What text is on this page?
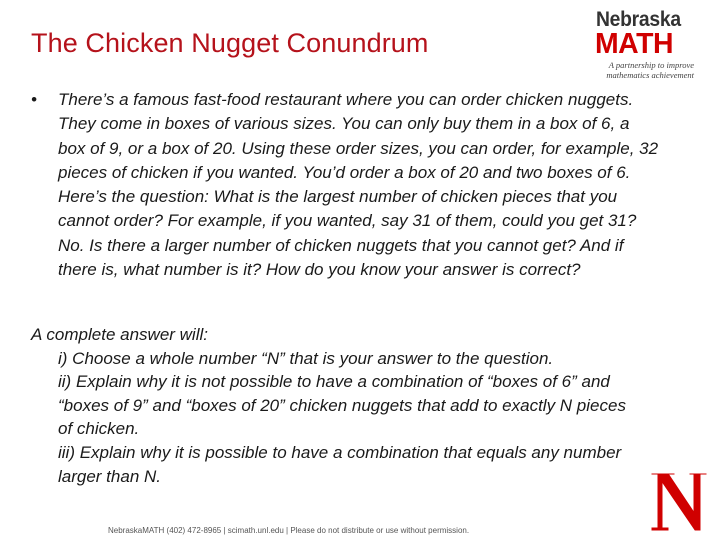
The Chicken Nugget Conundrum
Nebraska
MATH
A partnership to improve mathematics achievement
• There’s a famous fast-food restaurant where you can order chicken nuggets. They come in boxes of various sizes. You can only buy them in a box of 6, a box of 9, or a box of 20. Using these order sizes, you can order, for example, 32 pieces of chicken if you wanted. You’d order a box of 20 and two boxes of 6. Here’s the question: What is the largest number of chicken pieces that you cannot order? For example, if you wanted, say 31 of them, could you get 31? No. Is there a larger number of chicken nuggets that you cannot get? And if there is, what number is it? How do you know your answer is correct?
A complete answer will:
i) Choose a whole number “N” that is your answer to the question.
ii) Explain why it is not possible to have a combination of “boxes of 6” and “boxes of 9” and “boxes of 20” chicken nuggets that add to exactly N pieces of chicken.
iii) Explain why it is possible to have a combination that equals any number larger than N.
NebraskaMATH (402) 472-8965 | scimath.unl.edu | Please do not distribute or use without permission.
